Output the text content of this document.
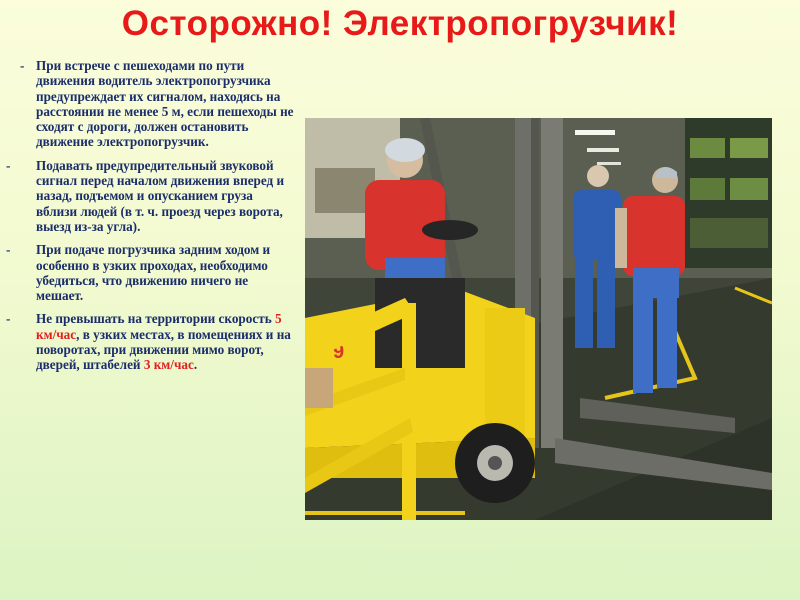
Осторожно! Электропогрузчик!
- При встрече с пешеходами по пути движения водитель электропогрузчика предупреждает их сигналом, находясь на расстоянии не менее 5 м, если пешеходы не сходят с дороги, должен остановить движение электропогрузчик.
-	Подавать предупредительный звуковой сигнал перед началом движения вперед и назад, подъемом и опусканием груза вблизи людей (в т. ч. проезд через ворота, выезд из-за угла).
-	При подаче погрузчика задним ходом и особенно в узких проходах, необходимо убедиться, что движению ничего не мешает.
-	Не превышать на территории скорость 5 км/час, в узких местах, в помещениях и на поворотах, при движении мимо ворот, дверей, штабелей 3 км/час.
9
